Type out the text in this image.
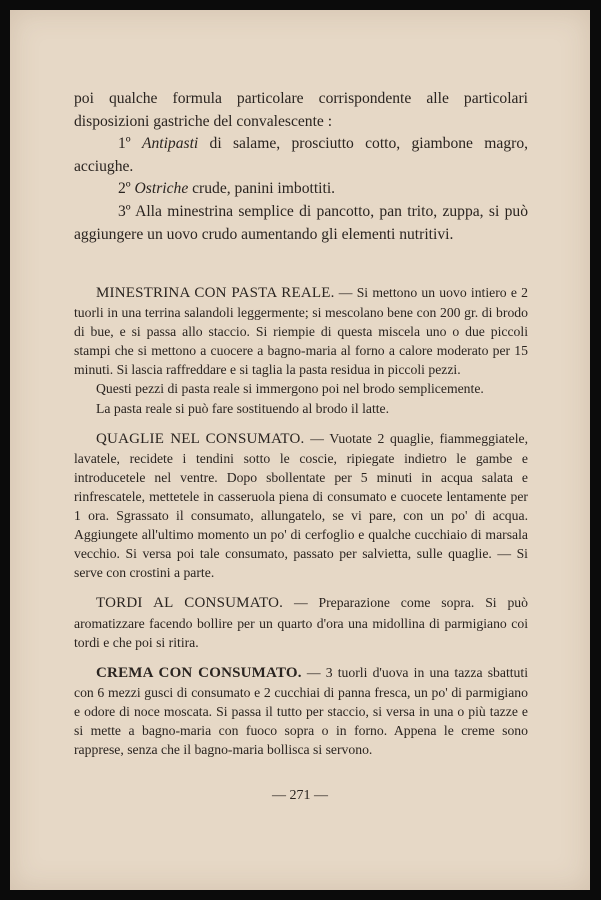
poi qualche formula particolare corrispondente alle particolari disposizioni gastriche del convalescente :

1º Antipasti di salame, prosciutto cotto, giambone magro, acciughe.

2º Ostriche crude, panini imbottiti.

3º Alla minestrina semplice di pancotto, pan trito, zuppa, si può aggiungere un uovo crudo aumentando gli elementi nutritivi.

MINESTRINA CON PASTA REALE. — Si mettono un uovo intiero e 2 tuorli in una terrina salandoli leggermente; si mescolano bene con 200 gr. di brodo di bue, e si passa allo staccio. Si riempie di questa miscela uno o due piccoli stampi che si mettono a cuocere a bagno-maria al forno a calore moderato per 15 minuti. Si lascia raffreddare e si taglia la pasta residua in piccoli pezzi.

Questi pezzi di pasta reale si immergono poi nel brodo semplicemente.

La pasta reale si può fare sostituendo al brodo il latte.

QUAGLIE NEL CONSUMATO. — Vuotate 2 quaglie, fiammeggiatele, lavatele, recidete i tendini sotto le coscie, ripiegate indietro le gambe e introducetele nel ventre. Dopo sbollentate per 5 minuti in acqua salata e rinfrescatele, mettetele in casseruola piena di consumato e cuocete lentamente per 1 ora. Sgrassato il consumato, allungatelo, se vi pare, con un po' di acqua. Aggiungete all'ultimo momento un po' di cerfoglio e qualche cucchiaio di marsala vecchio. Si versa poi tale consumato, passato per salvietta, sulle quaglie. — Si serve con crostini a parte.

TORDI AL CONSUMATO. — Preparazione come sopra. Si può aromatizzare facendo bollire per un quarto d'ora una midollina di parmigiano coi tordi e che poi si ritira.

CREMA CON CONSUMATO. — 3 tuorli d'uova in una tazza sbattuti con 6 mezzi gusci di consumato e 2 cucchiai di panna fresca, un po' di parmigiano e odore di noce moscata. Si passa il tutto per staccio, si versa in una o più tazze e si mette a bagno-maria con fuoco sopra o in forno. Appena le creme sono rapprese, senza che il bagno-maria bollisca si servono.

— 271 —
